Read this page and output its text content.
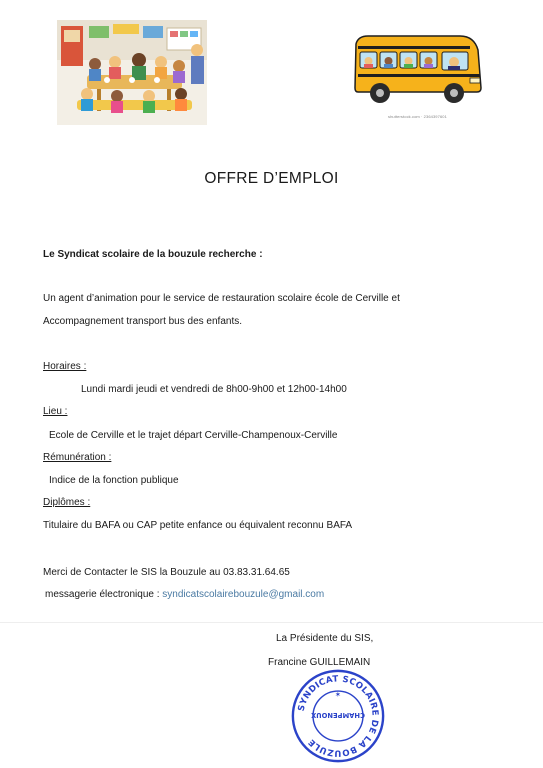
shutterstock.com · 2364397601
OFFRE D’EMPLOI
Le Syndicat scolaire de la bouzule recherche :
Un agent d’animation pour le service de restauration scolaire école de Cerville et
Accompagnement transport bus des enfants.
Horaires :
Lundi mardi jeudi et vendredi de 8h00-9h00 et 12h00-14h00
Lieu :
Ecole de Cerville et le trajet départ Cerville-Champenoux-Cerville
Rémunération :
Indice de la fonction publique
Diplômes :
Titulaire du BAFA ou CAP petite enfance ou équivalent reconnu BAFA
Merci de Contacter le SIS la Bouzule au 03.83.31.64.65
messagerie électronique : syndicatscolairebouzule@gmail.com
La Présidente du SIS,
Francine GUILLEMAIN
SYNDICAT SCOLAIRE DE LA BOUZULE
CHAMPENOUX
✶
